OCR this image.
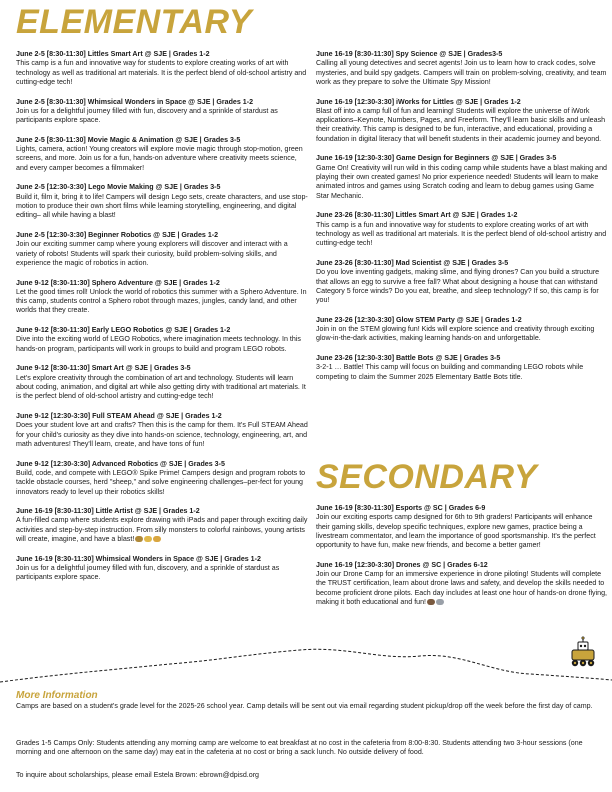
ELEMENTARY
June 2-5 [8:30-11:30] Littles Smart Art @ SJE | Grades 1-2
This camp is a fun and innovative way for students to explore creating works of art with technology as well as traditional art materials. It is the perfect blend of old-school artistry and cutting-edge tech!
June 2-5 [8:30-11:30] Whimsical Wonders in Space @ SJE | Grades 1-2
Join us for a delightful journey filled with fun, discovery and a sprinkle of stardust as participants explore space.
June 2-5 [8:30-11:30] Movie Magic & Animation @ SJE | Grades 3-5
Lights, camera, action! Young creators will explore movie magic through stop-motion, green screens, and more. Join us for a fun, hands-on adventure where creativity meets science, and every camper becomes a filmmaker!
June 2-5 [12:30-3:30] Lego Movie Making @ SJE | Grades 3-5
Build it, film it, bring it to life! Campers will design Lego sets, create characters, and use stop-motion to produce their own short films while learning storytelling, engineering, and digital editing– all while having a blast!
June 2-5 [12:30-3:30] Beginner Robotics @ SJE | Grades 1-2
Join our exciting summer camp where young explorers will discover and interact with a variety of robots! Students will spark their curiosity, build problem-solving skills, and experience the magic of robotics in action.
June 9-12 [8:30-11:30] Sphero Adventure @ SJE | Grades 1-2
Let the good times roll! Unlock the world of robotics this summer with a Sphero Adventure. In this camp, students control a Sphero robot through mazes, jungles, candy land, and other worlds that they create.
June 9-12 [8:30-11:30] Early LEGO Robotics @ SJE | Grades 1-2
Dive into the exciting world of LEGO Robotics, where imagination meets technology. In this hands-on program, participants will work in groups to build and program LEGO robots.
June 9-12 [8:30-11:30] Smart Art @ SJE | Grades 3-5
Let's explore creativity through the combination of art and technology. Students will learn about coding, animation, and digital art while also getting dirty with traditional art materials. It is the perfect blend of old-school artistry and cutting-edge tech!
June 9-12 [12:30-3:30] Full STEAM Ahead @ SJE | Grades 1-2
Does your student love art and crafts? Then this is the camp for them. It's Full STEAM Ahead for your child's curiosity as they dive into hands-on science, technology, engineering, art, and math adventures! They'll learn, create, and have tons of fun!
June 9-12 [12:30-3:30] Advanced Robotics @ SJE | Grades 3-5
Build, code, and compete with LEGO® Spike Prime! Campers design and program robots to tackle obstacle courses, herd "sheep," and solve engineering challenges–per-fect for young innovators ready to level up their robotics skills!
June 16-19 [8:30-11:30] Little Artist @ SJE | Grades 1-2
A fun-filled camp where students explore drawing with iPads and paper through exciting daily activities and step-by-step instruction. From silly monsters to colorful rainbows, young artists will create, imagine, and have a blast!
June 16-19 [8:30-11:30] Whimsical Wonders in Space @ SJE | Grades 1-2
Join us for a delightful journey filled with fun, discovery, and a sprinkle of stardust as participants explore space.
June 16-19 [8:30-11:30] Spy Science @ SJE | Grades3-5
Calling all young detectives and secret agents! Join us to learn how to crack codes, solve mysteries, and build spy gadgets. Campers will train on problem-solving, creativity, and team work as they prepare to solve the Ultimate Spy Mission!
June 16-19 [12:30-3:30] iWorks for Littles @ SJE | Grades 1-2
Blast off into a camp full of fun and learning! Students will explore the universe of iWork applications–Keynote, Numbers, Pages, and Freeform. They'll learn basic skills and unleash their creativity. This camp is designed to be fun, interactive, and educational, providing a foundation in digital literacy that will benefit students in their academic journey and beyond.
June 16-19 [12:30-3:30] Game Design for Beginners @ SJE | Grades 3-5
Game On! Creativity will run wild in this coding camp while students have a blast making and playing their own created games! No prior experience needed! Students will learn to make animated intros and games using Scratch coding and learn to debug games using Game Star Mechanic.
June 23-26 [8:30-11:30] Littles Smart Art @ SJE | Grades 1-2
This camp is a fun and innovative way for students to explore creating works of art with technology as well as traditional art materials. It is the perfect blend of old-school artistry and cutting-edge tech!
June 23-26 [8:30-11:30] Mad Scientist @ SJE | Grades 3-5
Do you love inventing gadgets, making slime, and flying drones? Can you build a structure that allows an egg to survive a free fall? What about designing a house that can withstand Category 5 force winds? Do you eat, breathe, and sleep technology? If so, this camp is for you!
June 23-26 [12:30-3:30] Glow STEM Party @ SJE | Grades 1-2
Join in on the STEM glowing fun! Kids will explore science and creativity through exciting glow-in-the-dark activities, making learning hands-on and unforgettable.
June 23-26 [12:30-3:30] Battle Bots @ SJE | Grades 3-5
3-2-1 … Battle! This camp will focus on building and commanding LEGO robots while competing to claim the Summer 2025 Elementary Battle Bots title.
SECONDARY
June 16-19 [8:30-11:30] Esports @ SC | Grades 6-9
Join our exciting esports camp designed for 6th to 9th graders! Participants will enhance their gaming skills, develop specific techniques, explore new games, practice being a livestream commentator, and learn the importance of good sportsmanship. It's the perfect opportunity to have fun, make new friends, and become a better gamer!
June 16-19 [12:30-3:30] Drones @ SC | Grades 6-12
Join our Drone Camp for an immersive experience in drone piloting! Students will complete the TRUST certification, learn about drone laws and safety, and develop the skills needed to become proficient drone pilots. Each day includes at least one hour of hands-on drone flying, making it both educational and fun!
More Information
Camps are based on a student's grade level for the 2025-26 school year. Camp details will be sent out via email regarding student pickup/drop off the week before the first day of camp.
Grades 1-5 Camps Only: Students attending any morning camp are welcome to eat breakfast at no cost in the cafeteria from 8:00-8:30. Students attending two 3-hour sessions (one morning and one afternoon on the same day) may eat in the cafeteria at no cost or bring a sack lunch. No outside delivery of food.
To inquire about scholarships, please email Estela Brown: ebrown@dpisd.org
